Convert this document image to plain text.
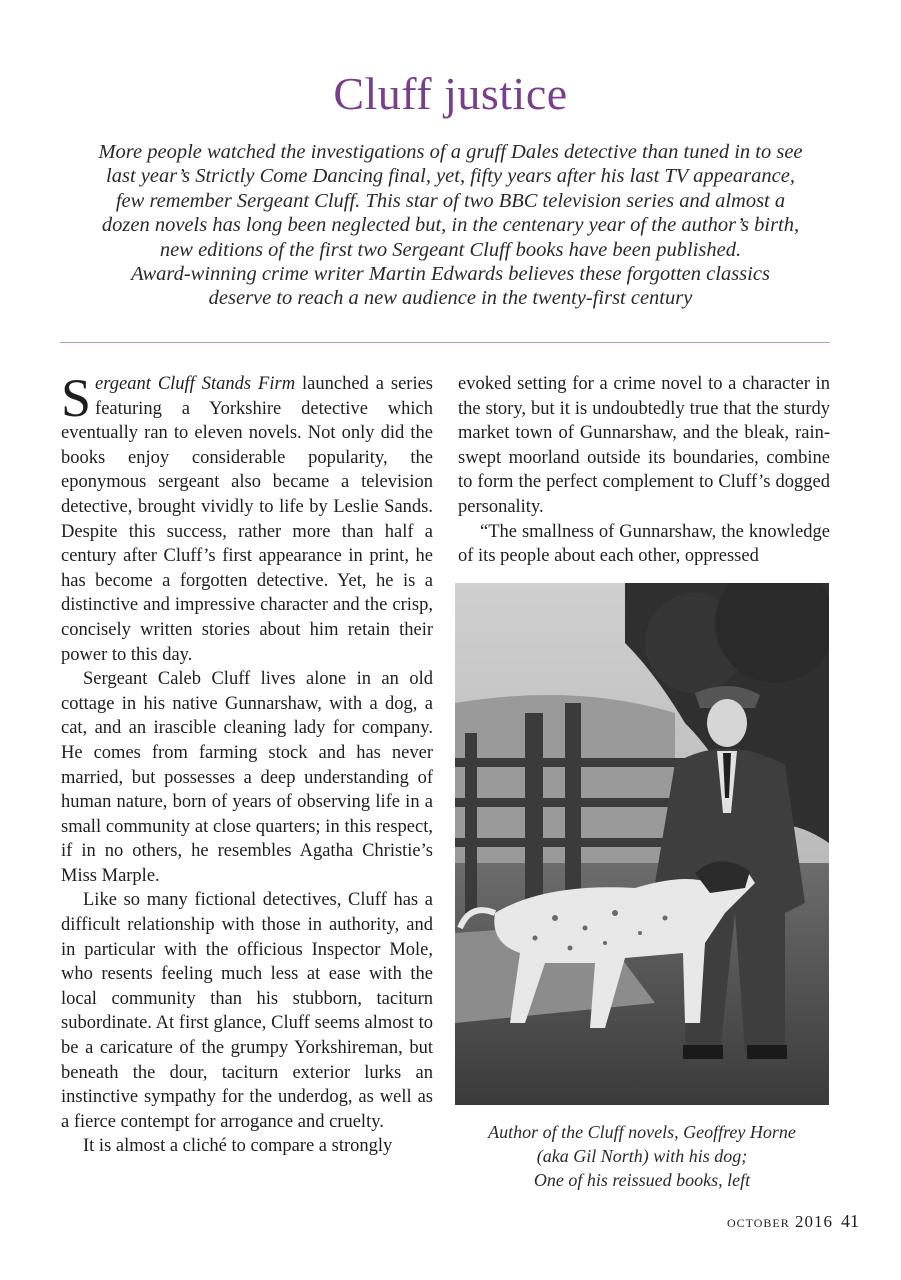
Cluff justice
More people watched the investigations of a gruff Dales detective than tuned in to see
last year’s Strictly Come Dancing final, yet, fifty years after his last TV appearance,
few remember Sergeant Cluff. This star of two BBC television series and almost a
dozen novels has long been neglected but, in the centenary year of the author’s birth,
new editions of the first two Sergeant Cluff books have been published.
Award-winning crime writer Martin Edwards believes these forgotten classics
deserve to reach a new audience in the twenty-first century

Sergeant Cluff Stands Firm launched a series featuring a Yorkshire detective which eventually ran to eleven novels. Not only did the books enjoy considerable popularity, the eponymous sergeant also became a television detective, brought vividly to life by Leslie Sands. Despite this success, rather more than half a century after Cluff’s first appearance in print, he has become a forgotten detective. Yet, he is a distinctive and impressive character and the crisp, concisely written stories about him retain their power to this day.

Sergeant Caleb Cluff lives alone in an old cottage in his native Gunnarshaw, with a dog, a cat, and an irascible cleaning lady for company. He comes from farming stock and has never married, but possesses a deep understanding of human nature, born of years of observing life in a small community at close quarters; in this respect, if in no others, he resembles Agatha Christie’s Miss Marple.

Like so many fictional detectives, Cluff has a difficult relationship with those in authority, and in particular with the officious Inspector Mole, who resents feeling much less at ease with the local community than his stubborn, taciturn subordinate. At first glance, Cluff seems almost to be a caricature of the grumpy Yorkshireman, but beneath the dour, taciturn exterior lurks an instinctive sympathy for the underdog, as well as a fierce contempt for arrogance and cruelty.

It is almost a cliché to compare a strongly

evoked setting for a crime novel to a character in the story, but it is undoubtedly true that the sturdy market town of Gunnarshaw, and the bleak, rain-swept moorland outside its boundaries, combine to form the perfect complement to Cluff’s dogged personality.

“The smallness of Gunnarshaw, the knowledge of its people about each other, oppressed

Author of the Cluff novels, Geoffrey Horne
(aka Gil North) with his dog;
One of his reissued books, left
october 2016 41
